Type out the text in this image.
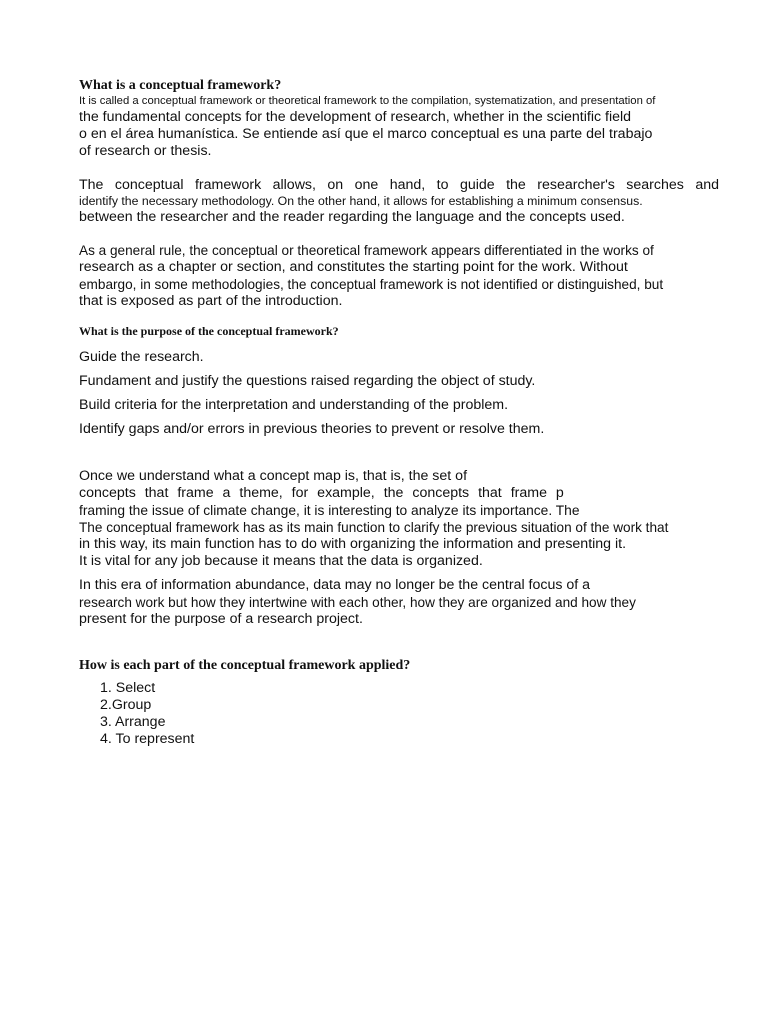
What is a conceptual framework?
It is called a conceptual framework or theoretical framework to the compilation, systematization, and presentation of
the fundamental concepts for the development of research, whether in the scientific field
o en el área humanística. Se entiende así que el marco conceptual es una parte del trabajo
of research or thesis.
The conceptual framework allows, on one hand, to guide the researcher's searches and
identify the necessary methodology. On the other hand, it allows for establishing a minimum consensus.
between the researcher and the reader regarding the language and the concepts used.
As a general rule, the conceptual or theoretical framework appears differentiated in the works of
research as a chapter or section, and constitutes the starting point for the work. Without
embargo, in some methodologies, the conceptual framework is not identified or distinguished, but
that is exposed as part of the introduction.
What is the purpose of the conceptual framework?
Guide the research.
Fundament and justify the questions raised regarding the object of study.
Build criteria for the interpretation and understanding of the problem.
Identify gaps and/or errors in previous theories to prevent or resolve them.
Once we understand what a concept map is, that is, the set of
concepts that frame a theme, for example, the concepts that frame p
framing the issue of climate change, it is interesting to analyze its importance. The
The conceptual framework has as its main function to clarify the previous situation of the work that
in this way, its main function has to do with organizing the information and presenting it.
It is vital for any job because it means that the data is organized.
In this era of information abundance, data may no longer be the central focus of a
research work but how they intertwine with each other, how they are organized and how they
present for the purpose of a research project.
How is each part of the conceptual framework applied?
1. Select
2.Group
3. Arrange
4. To represent
